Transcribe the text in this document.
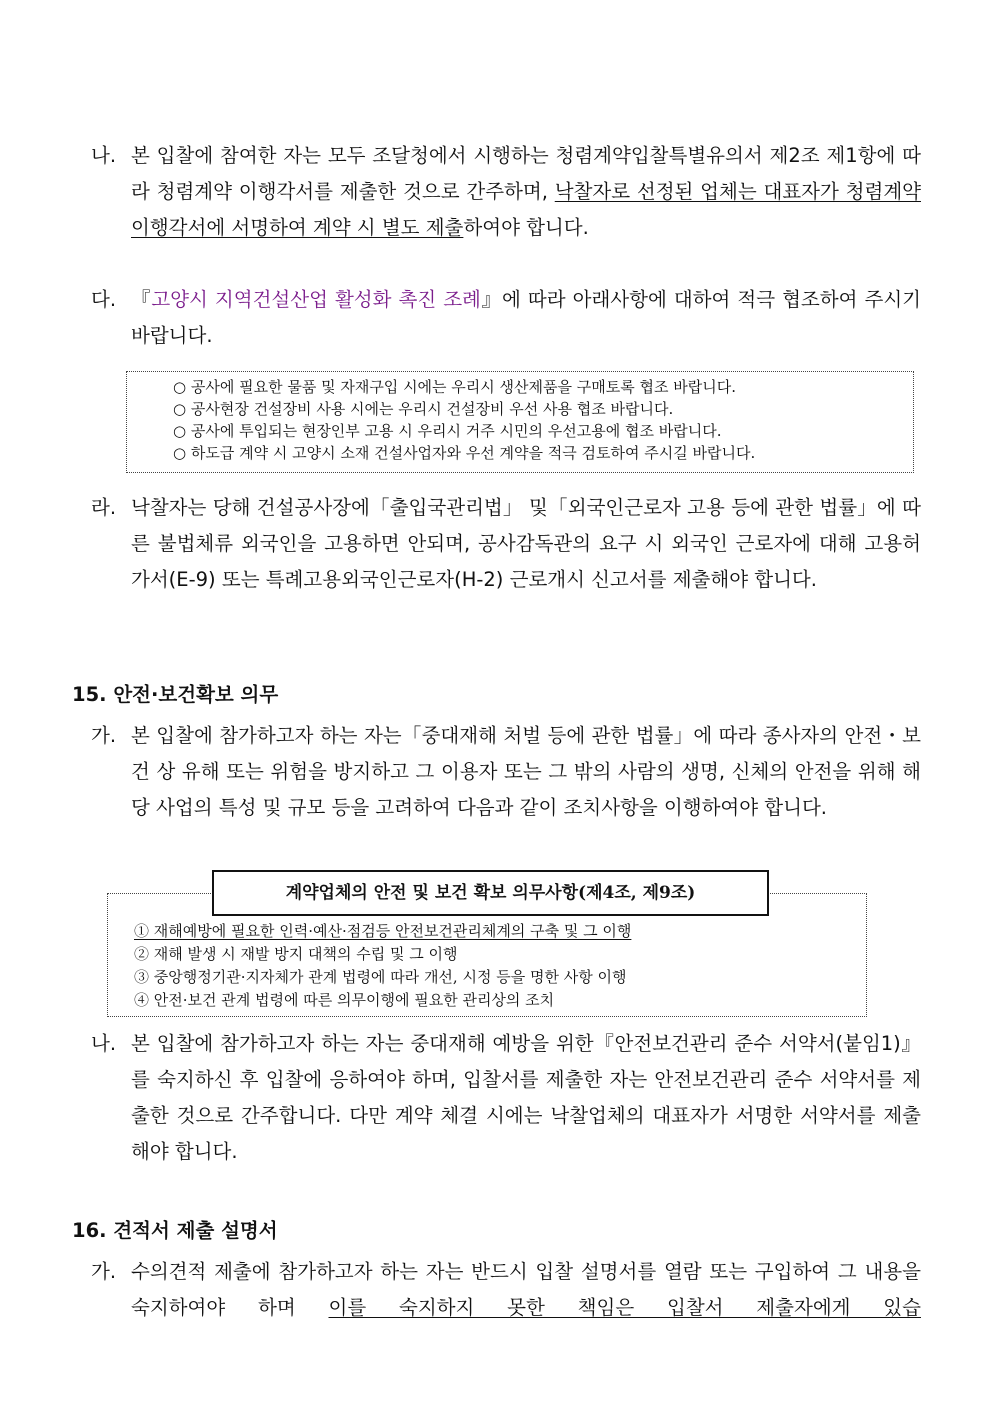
나. 본 입찰에 참여한 자는 모두 조달청에서 시행하는 청렴계약입찰특별유의서 제2조 제1항에 따라 청렴계약 이행각서를 제출한 것으로 간주하며, 낙찰자로 선정된 업체는 대표자가 청렴계약 이행각서에 서명하여 계약 시 별도 제출하여야 합니다.
다. 『고양시 지역건설산업 활성화 촉진 조례』에 따라 아래사항에 대하여 적극 협조하여 주시기 바랍니다.
○ 공사에 필요한 물품 및 자재구입 시에는 우리시 생산제품을 구매토록 협조 바랍니다.
○ 공사현장 건설장비 사용 시에는 우리시 건설장비 우선 사용 협조 바랍니다.
○ 공사에 투입되는 현장인부 고용 시 우리시 거주 시민의 우선고용에 협조 바랍니다.
○ 하도급 계약 시 고양시 소재 건설사업자와 우선 계약을 적극 검토하여 주시길 바랍니다.
라. 낙찰자는 당해 건설공사장에「출입국관리법」 및「외국인근로자 고용 등에 관한 법률」에 따른 불법체류 외국인을 고용하면 안되며, 공사감독관의 요구 시 외국인 근로자에 대해 고용허가서(E-9) 또는 특례고용외국인근로자(H-2) 근로개시 신고서를 제출해야 합니다.
15. 안전·보건확보 의무
가. 본 입찰에 참가하고자 하는 자는「중대재해 처벌 등에 관한 법률」에 따라 종사자의 안전・보건 상 유해 또는 위험을 방지하고 그 이용자 또는 그 밖의 사람의 생명, 신체의 안전을 위해 해당 사업의 특성 및 규모 등을 고려하여 다음과 같이 조치사항을 이행하여야 합니다.
① 재해예방에 필요한 인력·예산·점검등 안전보건관리체계의 구축 및 그 이행
② 재해 발생 시 재발 방지 대책의 수립 및 그 이행
③ 중앙행정기관·지자체가 관계 법령에 따라 개선, 시정 등을 명한 사항 이행
④ 안전·보건 관계 법령에 따른 의무이행에 필요한 관리상의 조치
계약업체의 안전 및 보건 확보 의무사항(제4조, 제9조)
나. 본 입찰에 참가하고자 하는 자는 중대재해 예방을 위한『안전보건관리 준수 서약서(붙임1)』를 숙지하신 후 입찰에 응하여야 하며, 입찰서를 제출한 자는 안전보건관리 준수 서약서를 제출한 것으로 간주합니다. 다만 계약 체결 시에는 낙찰업체의 대표자가 서명한 서약서를 제출해야 합니다.
16. 견적서 제출 설명서
가. 수의견적 제출에 참가하고자 하는 자는 반드시 입찰 설명서를 열람 또는 구입하여 그 내용을 숙지하여야 하며 이를 숙지하지 못한 책임은 입찰서 제출자에게 있습
